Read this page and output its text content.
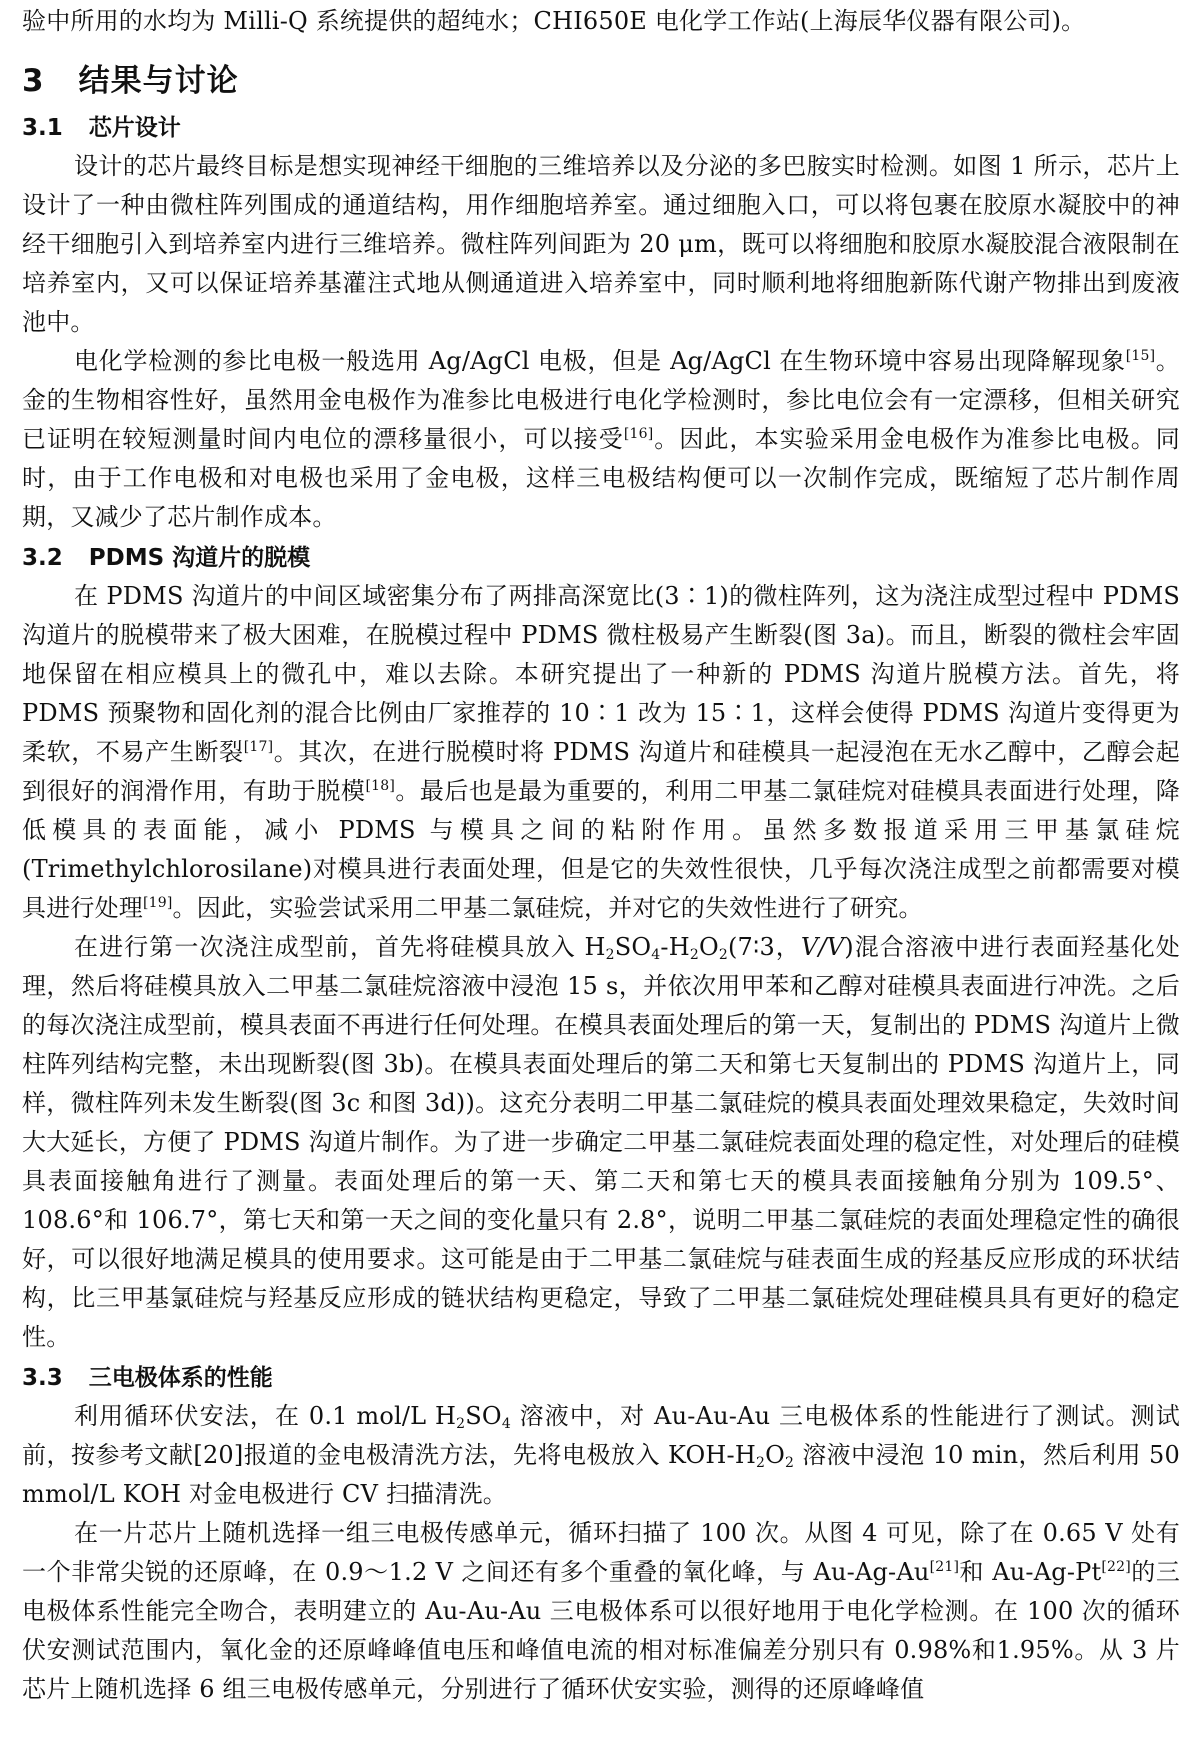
验中所用的水均为 Milli-Q 系统提供的超纯水；CHI650E 电化学工作站(上海辰华仪器有限公司)。

3 结果与讨论
3.1 芯片设计

设计的芯片最终目标是想实现神经干细胞的三维培养以及分泌的多巴胺实时检测。如图 1 所示，芯片上设计了一种由微柱阵列围成的通道结构，用作细胞培养室。通过细胞入口，可以将包裹在胶原水凝胶中的神经干细胞引入到培养室内进行三维培养。微柱阵列间距为 20 μm，既可以将细胞和胶原水凝胶混合液限制在培养室内，又可以保证培养基灌注式地从侧通道进入培养室中，同时顺利地将细胞新陈代谢产物排出到废液池中。

电化学检测的参比电极一般选用 Ag/AgCl 电极，但是 Ag/AgCl 在生物环境中容易出现降解现象[15]。金的生物相容性好，虽然用金电极作为准参比电极进行电化学检测时，参比电位会有一定漂移，但相关研究已证明在较短测量时间内电位的漂移量很小，可以接受[16]。因此，本实验采用金电极作为准参比电极。同时，由于工作电极和对电极也采用了金电极，这样三电极结构便可以一次制作完成，既缩短了芯片制作周期，又减少了芯片制作成本。

3.2 PDMS 沟道片的脱模

在 PDMS 沟道片的中间区域密集分布了两排高深宽比(3∶1)的微柱阵列，这为浇注成型过程中 PDMS 沟道片的脱模带来了极大困难，在脱模过程中 PDMS 微柱极易产生断裂(图 3a)。而且，断裂的微柱会牢固地保留在相应模具上的微孔中，难以去除。本研究提出了一种新的 PDMS 沟道片脱模方法。首先，将 PDMS 预聚物和固化剂的混合比例由厂家推荐的 10∶1 改为 15∶1，这样会使得 PDMS 沟道片变得更为柔软，不易产生断裂[17]。其次，在进行脱模时将 PDMS 沟道片和硅模具一起浸泡在无水乙醇中，乙醇会起到很好的润滑作用，有助于脱模[18]。最后也是最为重要的，利用二甲基二氯硅烷对硅模具表面进行处理，降低模具的表面能，减小 PDMS 与模具之间的粘附作用。虽然多数报道采用三甲基氯硅烷(Trimethylchlorosilane)对模具进行表面处理，但是它的失效性很快，几乎每次浇注成型之前都需要对模具进行处理[19]。因此，实验尝试采用二甲基二氯硅烷，并对它的失效性进行了研究。

在进行第一次浇注成型前，首先将硅模具放入 $H_2SO_4-H_2O_2(7∶3$，V/V)混合溶液中进行表面羟基化处理，然后将硅模具放入二甲基二氯硅烷溶液中浸泡 15 s，并依次用甲苯和乙醇对硅模具表面进行冲洗。之后的每次浇注成型前，模具表面不再进行任何处理。在模具表面处理后的第一天，复制出的 PDMS 沟道片上微柱阵列结构完整，未出现断裂(图 3b)。在模具表面处理后的第二天和第七天复制出的 PDMS 沟道片上，同样，微柱阵列未发生断裂(图 3c 和图 3d))。这充分表明二甲基二氯硅烷的模具表面处理效果稳定，失效时间大大延长，方便了 PDMS 沟道片制作。为了进一步确定二甲基二氯硅烷表面处理的稳定性，对处理后的硅模具表面接触角进行了测量。表面处理后的第一天、第二天和第七天的模具表面接触角分别为 109.5°、108.6°和 106.7°，第七天和第一天之间的变化量只有 2.8°，说明二甲基二氯硅烷的表面处理稳定性的确很好，可以很好地满足模具的使用要求。这可能是由于二甲基二氯硅烷与硅表面生成的羟基反应形成的环状结构，比三甲基氯硅烷与羟基反应形成的链状结构更稳定，导致了二甲基二氯硅烷处理硅模具具有更好的稳定性。

3.3 三电极体系的性能

利用循环伏安法，在 0.1 mol/L $H_2SO_4$ 溶液中，对 Au-Au-Au 三电极体系的性能进行了测试。测试前，按参考文献[20]报道的金电极清洗方法，先将电极放入 KOH-$H_2O_2$ 溶液中浸泡 10 min，然后利用 50 mmol/L KOH 对金电极进行 CV 扫描清洗。

在一片芯片上随机选择一组三电极传感单元，循环扫描了 100 次。从图 4 可见，除了在 0.65 V 处有一个非常尖锐的还原峰，在 0.9～1.2 V 之间还有多个重叠的氧化峰，与 Au-Ag-Au[21]和 Au-Ag-Pt[22]的三电极体系性能完全吻合，表明建立的 Au-Au-Au 三电极体系可以很好地用于电化学检测。在 100 次的循环伏安测试范围内，氧化金的还原峰峰值电压和峰值电流的相对标准偏差分别只有 0.98%和1.95%。从 3 片芯片上随机选择 6 组三电极传感单元，分别进行了循环伏安实验，测得的还原峰峰值
